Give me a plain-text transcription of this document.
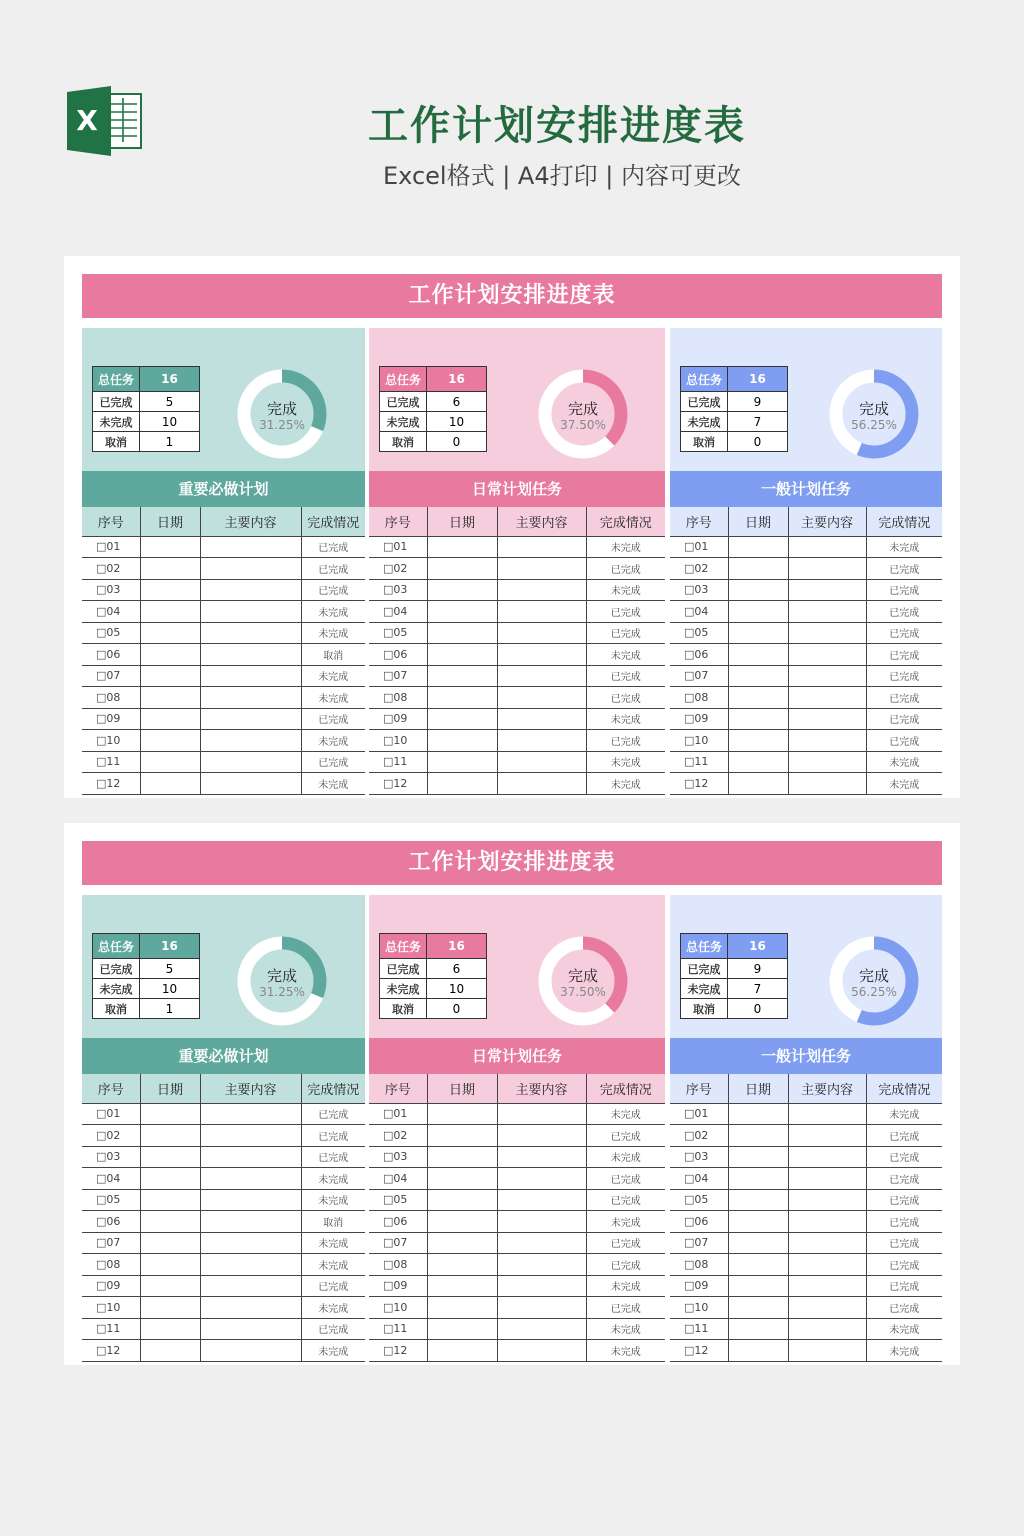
X	工作计划安排进度表
Excel格式 | A4打印 | 内容可更改
工作计划安排进度表
总任务	16
已完成	5
未完成	10
取消	1
完成
31.25%
重要必做计划
序号	日期	主要内容	完成情况
□01			已完成
□02			已完成
□03			已完成
□04			未完成
□05			未完成
□06			取消
□07			未完成
□08			未完成
□09			已完成
□10			未完成
□11			已完成
□12			未完成
总任务	16
已完成	6
未完成	10
取消	0
完成
37.50%
日常计划任务
序号	日期	主要内容	完成情况
□01			未完成
□02			已完成
□03			未完成
□04			已完成
□05			已完成
□06			未完成
□07			已完成
□08			已完成
□09			未完成
□10			已完成
□11			未完成
□12			未完成
总任务	16
已完成	9
未完成	7
取消	0
完成
56.25%
一般计划任务
序号	日期	主要内容	完成情况
□01			未完成
□02			已完成
□03			已完成
□04			已完成
□05			已完成
□06			已完成
□07			已完成
□08			已完成
□09			已完成
□10			已完成
□11			未完成
□12			未完成
工作计划安排进度表
总任务	16
已完成	5
未完成	10
取消	1
完成
31.25%
重要必做计划
序号	日期	主要内容	完成情况
□01			已完成
□02			已完成
□03			已完成
□04			未完成
□05			未完成
□06			取消
□07			未完成
□08			未完成
□09			已完成
□10			未完成
□11			已完成
□12			未完成
总任务	16
已完成	6
未完成	10
取消	0
完成
37.50%
日常计划任务
序号	日期	主要内容	完成情况
□01			未完成
□02			已完成
□03			未完成
□04			已完成
□05			已完成
□06			未完成
□07			已完成
□08			已完成
□09			未完成
□10			已完成
□11			未完成
□12			未完成
总任务	16
已完成	9
未完成	7
取消	0
完成
56.25%
一般计划任务
序号	日期	主要内容	完成情况
□01			未完成
□02			已完成
□03			已完成
□04			已完成
□05			已完成
□06			已完成
□07			已完成
□08			已完成
□09			已完成
□10			已完成
□11			未完成
□12			未完成
